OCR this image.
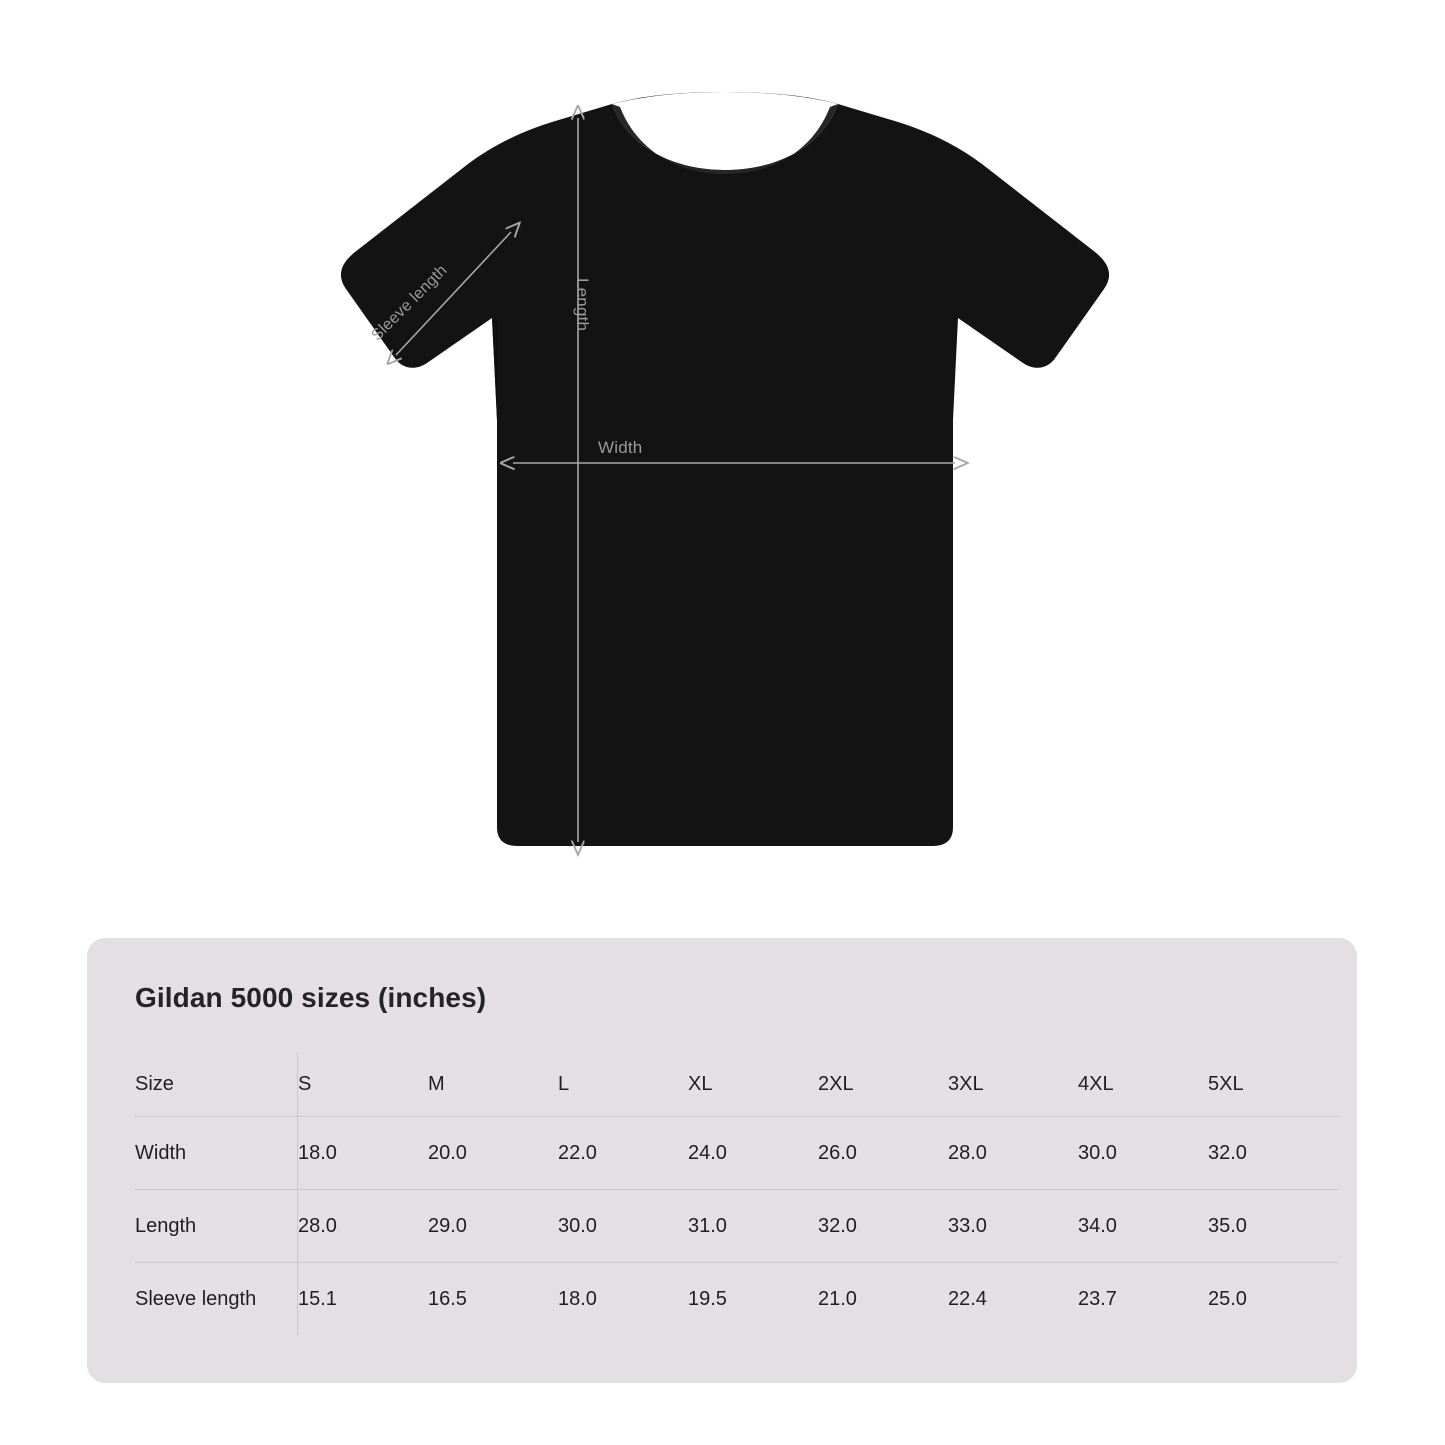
Width
Length
Sleeve length
Gildan 5000 sizes (inches)
Size	S	M	L	XL	2XL	3XL	4XL	5XL
Width	18.0	20.0	22.0	24.0	26.0	28.0	30.0	32.0
Length	28.0	29.0	30.0	31.0	32.0	33.0	34.0	35.0
Sleeve length	15.1	16.5	18.0	19.5	21.0	22.4	23.7	25.0
